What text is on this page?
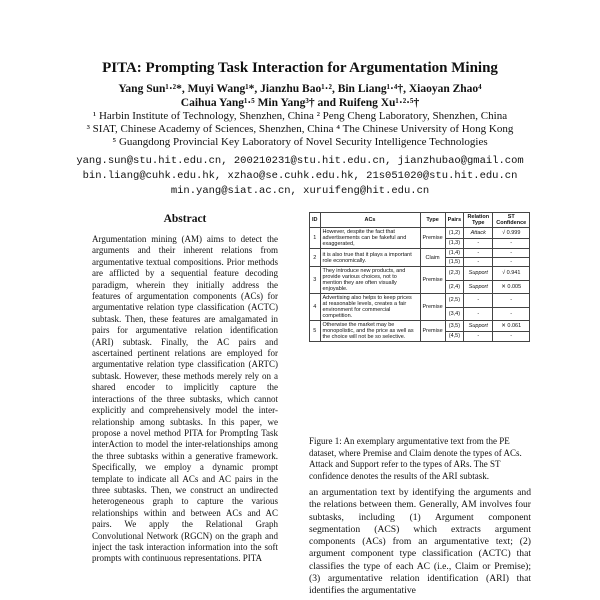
PITA: Prompting Task Interaction for Argumentation Mining
Yang Sun¹·²*, Muyi Wang¹*, Jianzhu Bao¹·², Bin Liang¹·⁴†, Xiaoyan Zhao⁴
Caihua Yang¹·⁵ Min Yang³† and Ruifeng Xu¹·²·⁵†
¹ Harbin Institute of Technology, Shenzhen, China ² Peng Cheng Laboratory, Shenzhen, China
³ SIAT, Chinese Academy of Sciences, Shenzhen, China ⁴ The Chinese University of Hong Kong
⁵ Guangdong Provincial Key Laboratory of Novel Security Intelligence Technologies
yang.sun@stu.hit.edu.cn, 200210231@stu.hit.edu.cn, jianzhubao@gmail.com
bin.liang@cuhk.edu.hk, xzhao@se.cuhk.edu.hk, 21s051020@stu.hit.edu.cn
min.yang@siat.ac.cn, xuruifeng@hit.edu.cn
Abstract
Argumentation mining (AM) aims to detect the arguments and their inherent relations from argumentative textual compositions. Prior methods are afflicted by a sequential feature decoding paradigm, wherein they initially address the features of argumentation components (ACs) for argumentative relation type classification (ACTC) subtask. Then, these features are amalgamated in pairs for argumentative relation identification (ARI) subtask. Finally, the AC pairs and ascertained pertinent relations are employed for argumentative relation type classification (ARTC) subtask. However, these methods merely rely on a shared encoder to implicitly capture the interactions of the three subtasks, which cannot explicitly and comprehensively model the inter-relationship among subtasks. In this paper, we propose a novel method PITA for PromptIng Task interAction to model the inter-relationships among the three subtasks within a generative framework. Specifically, we employ a dynamic prompt template to indicate all ACs and AC pairs in the three subtasks. Then, we construct an undirected heterogeneous graph to capture the various relationships within and between ACs and AC pairs. We apply the Relational Graph Convolutional Network (RGCN) on the graph and inject the task interaction information into the soft prompts with continuous representations. PITA
ID	ACs	Type	Pairs	Relation Type	ST Confidence
1	However, despite the fact that advertisements can be fakeful and exaggerated,	Premise	(1,2)	Attack	√ 0.999
			(1,3)	-	-
2	it is also true that it plays a important role economically.	Claim	(1,4)	-	-
			(1,5)	-	-
3	They introduce new products, and provide various choices, not to mention they are often visually enjoyable.	Premise	(2,3)	Support	√ 0.941
			(2,4)	Support	✕ 0.005
4	Advertising also helps to keep prices at reasonable levels, creates a fair environment for commercial competition.	Premise	(2,5)	-	-
			(3,4)	-	-
5	Otherwise the market may be monopolistic, and the price as well as the choice will not be so selective.	Premise	(3,5)	Support	✕ 0.061
			(4,5)	-	-
Figure 1: An exemplary argumentative text from the PE dataset, where Premise and Claim denote the types of ACs. Attack and Support refer to the types of ARs. The ST confidence denotes the results of the ARI subtask.
an argumentation text by identifying the arguments and the relations between them. Generally, AM involves four subtasks, including (1) Argument component segmentation (ACS) which extracts argument components (ACs) from an argumentative text; (2) argument component type classification (ACTC) that classifies the type of each AC (i.e., Claim or Premise); (3) argumentative relation identification (ARI) that identifies the argumentative
